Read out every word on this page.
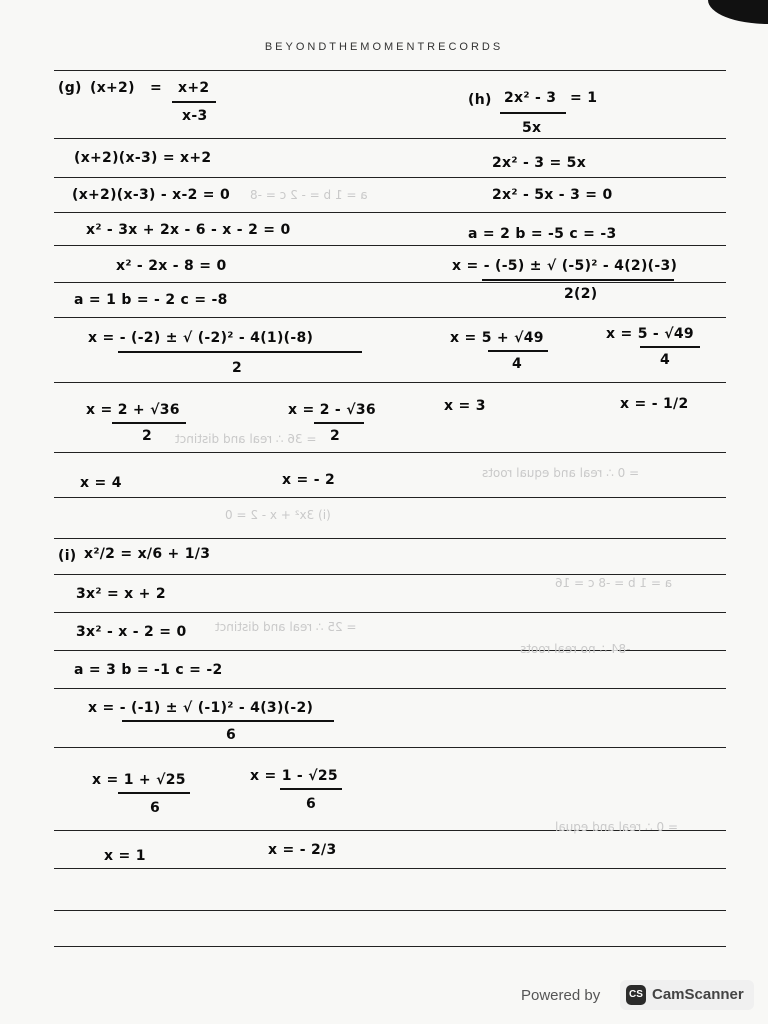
BEYONDTHEMOMENTRECORDS
a = 1 b = - 2 c = -8
= 36 ∴ real and distinct
= 0 ∴ real and equal roots
(i) 3x² + x - 2 = 0
= 25 ∴ real and distinct
= 0 ∴ real and equal
-84 ∴ no real roots
a = 1 b = -8 c = 16
(g) (x+2) = x+2
x-3
(x+2)(x-3) = x+2
(x+2)(x-3) - x-2 = 0
x² - 3x + 2x - 6 - x - 2 = 0
x² - 2x - 8 = 0
a = 1 b = - 2 c = -8
x = - (-2) ± √ (-2)² - 4(1)(-8)
2
x = 2 + √36
2
x = 2 - √36
2
x = 4	x = - 2
(h) 2x² - 3 = 1
5x
2x² - 3 = 5x
2x² - 5x - 3 = 0
a = 2 b = -5 c = -3
x = - (-5) ± √ (-5)² - 4(2)(-3)
2(2)
x = 5 + √49
4
x = 5 - √49
4
x = 3	x = - 1/2
(i) x²/2 = x/6 + 1/3
3x² = x + 2
3x² - x - 2 = 0
a = 3 b = -1 c = -2
x = - (-1) ± √ (-1)² - 4(3)(-2)
6
x = 1 + √25
6
x = 1 - √25
6
x = 1	x = - 2/3
Powered by	CS CamScanner
